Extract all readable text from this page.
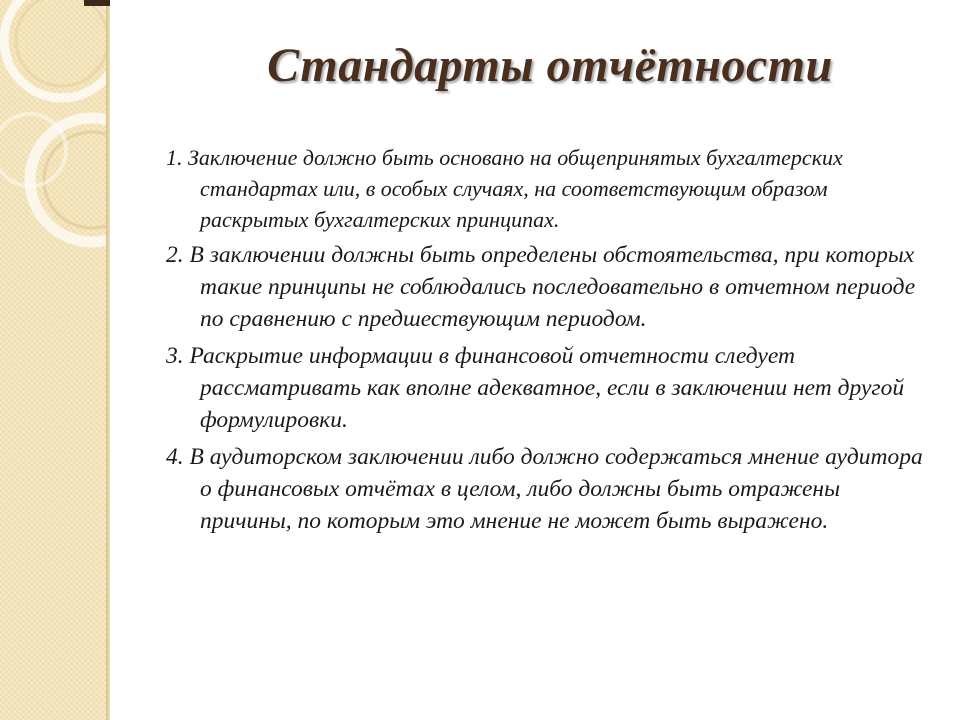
Стандарты отчётности

1. Заключение должно быть основано на общепринятых бухгалтерских стандартах или, в особых случаях, на соответствующим образом раскрытых бухгалтерских принципах.

2. В заключении должны быть определены обстоятельства, при которых такие принципы не соблюдались последовательно в отчетном периоде по сравнению с предшествующим периодом.

3. Раскрытие информации в финансовой отчетности следует рассматривать как вполне адекватное, если в заключении нет другой формулировки.

4. В аудиторском заключении либо должно содержаться мнение аудитора о финансовых отчётах в целом, либо должны быть отражены причины, по которым это мнение не может быть выражено.
